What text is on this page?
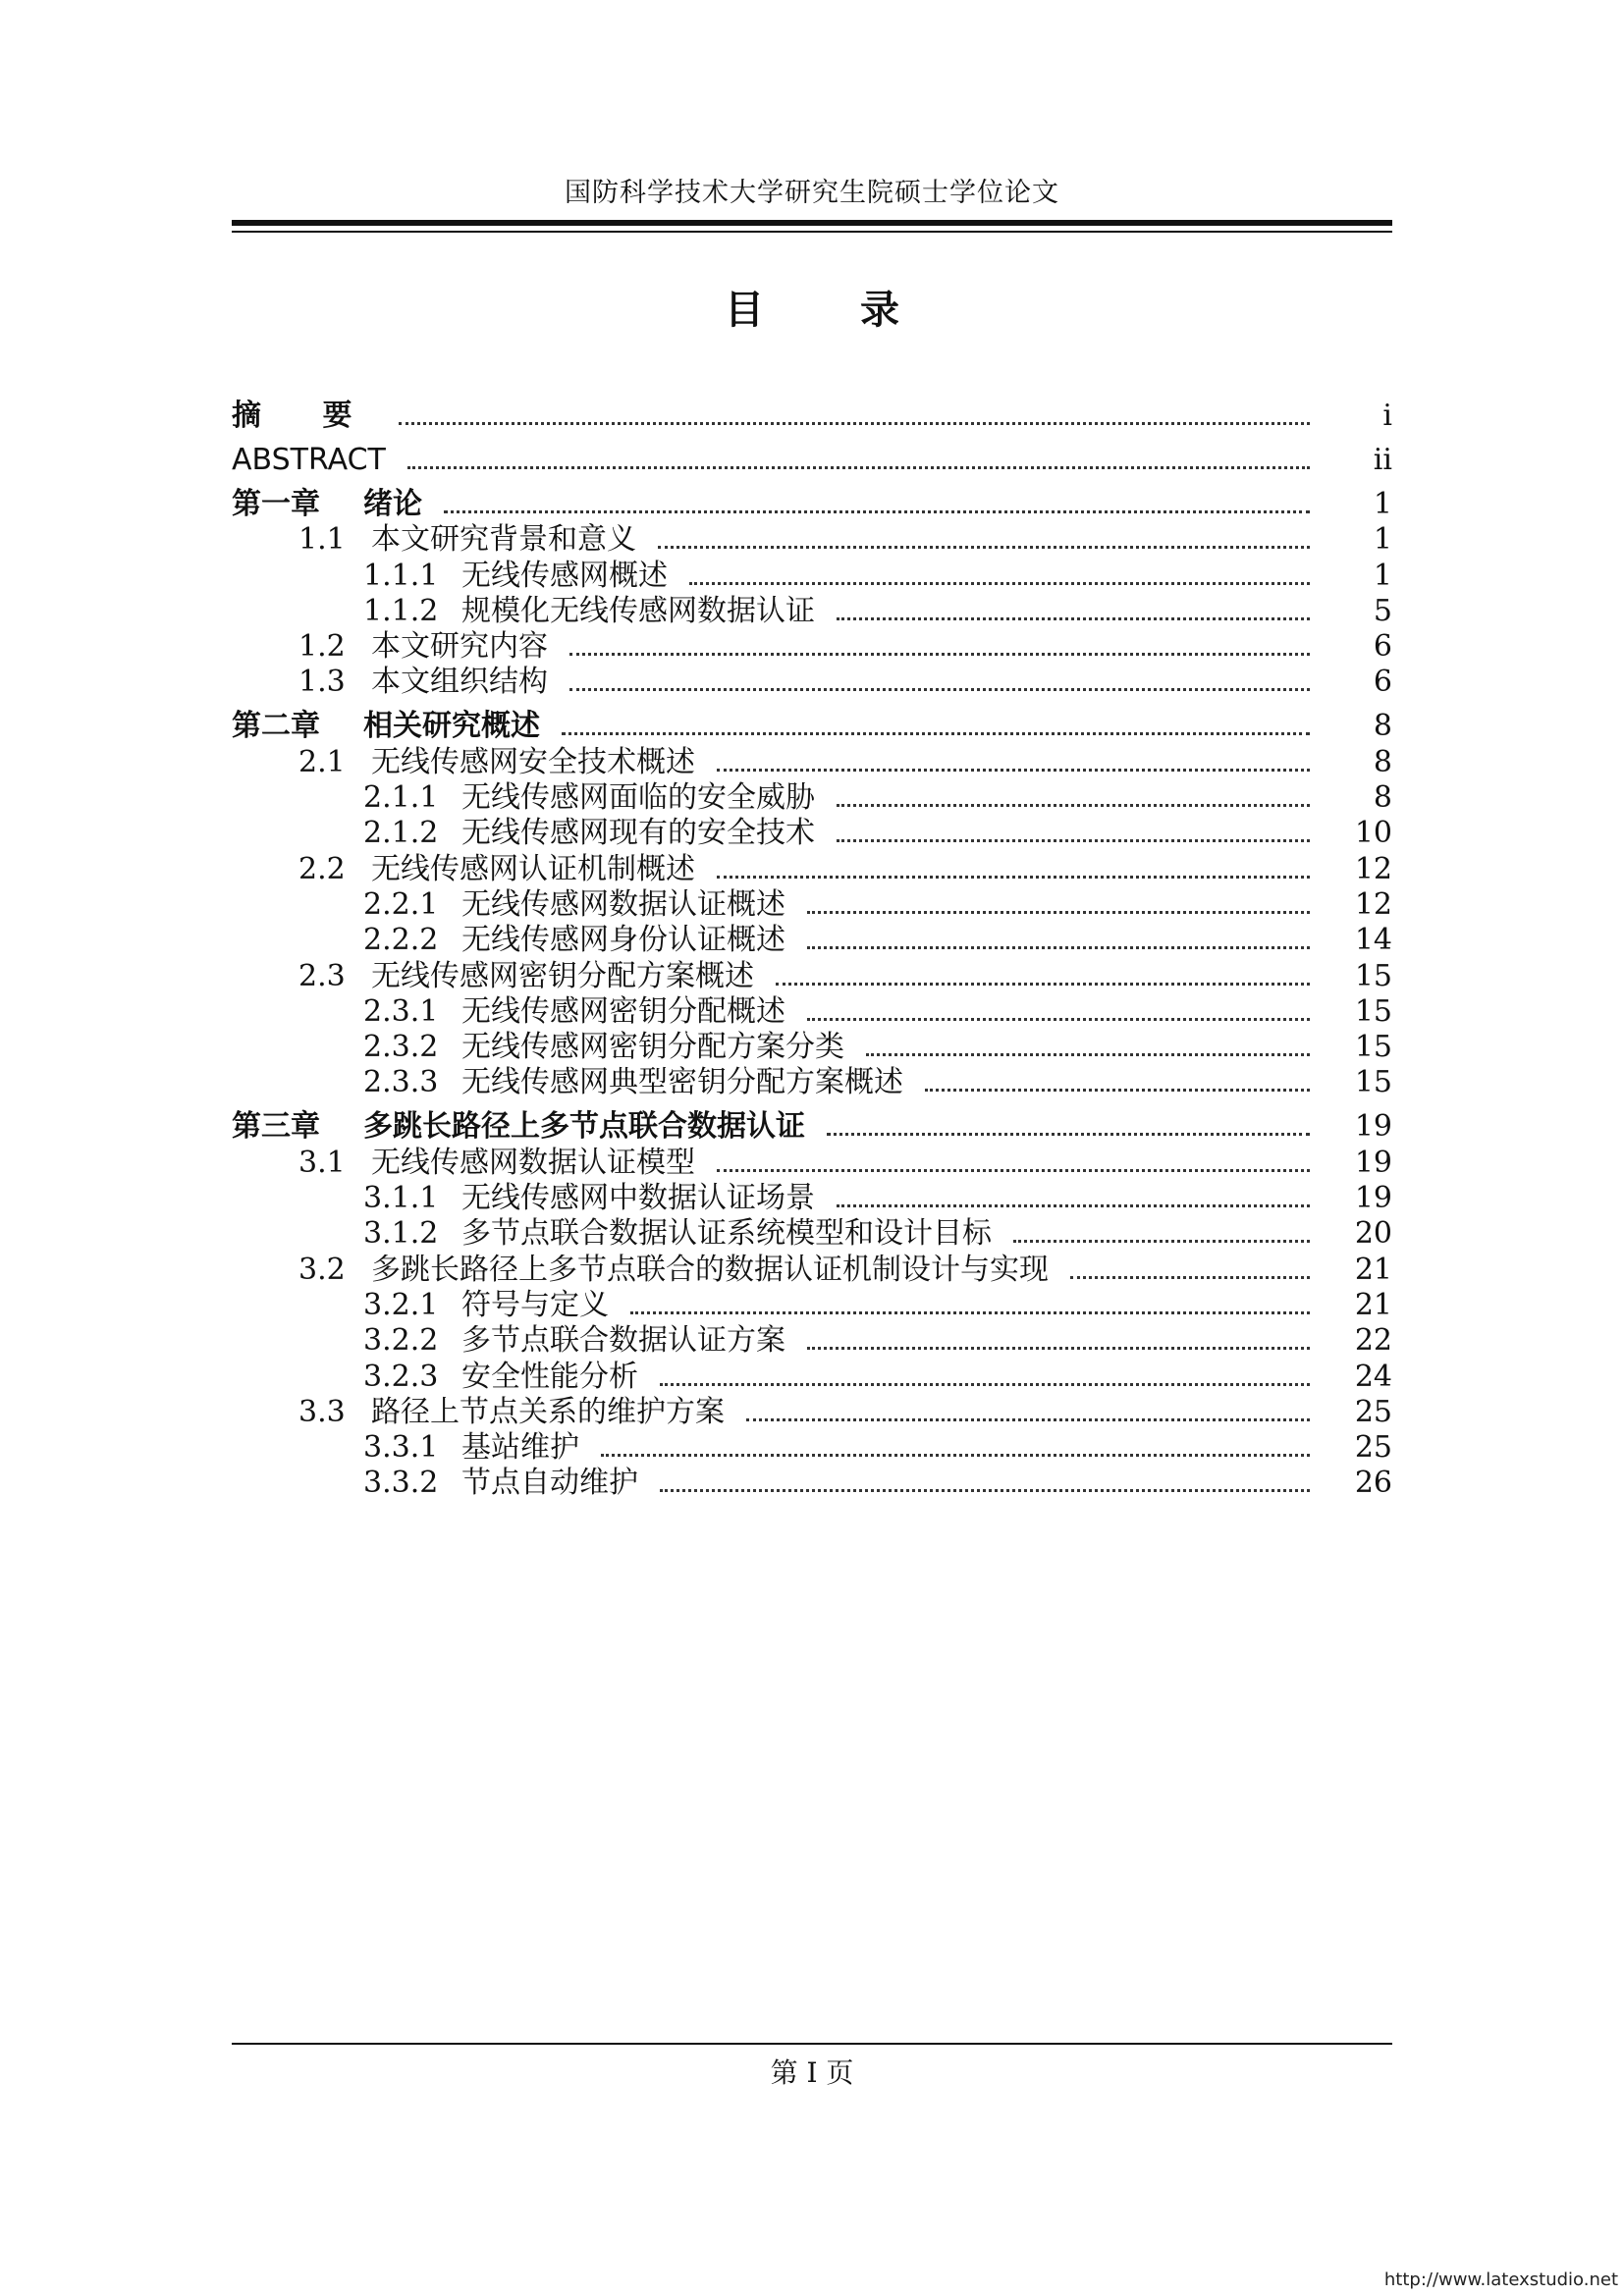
国防科学技术大学研究生院硕士学位论文
目 录
摘 要	i
ABSTRACT	ii
第一章	绪论	1
1.1 本文研究背景和意义	1
1.1.1 无线传感网概述	1
1.1.2 规模化无线传感网数据认证	5
1.2 本文研究内容	6
1.3 本文组织结构	6
第二章	相关研究概述	8
2.1 无线传感网安全技术概述	8
2.1.1 无线传感网面临的安全威胁	8
2.1.2 无线传感网现有的安全技术	10
2.2 无线传感网认证机制概述	12
2.2.1 无线传感网数据认证概述	12
2.2.2 无线传感网身份认证概述	14
2.3 无线传感网密钥分配方案概述	15
2.3.1 无线传感网密钥分配概述	15
2.3.2 无线传感网密钥分配方案分类	15
2.3.3 无线传感网典型密钥分配方案概述	15
第三章	多跳长路径上多节点联合数据认证	19
3.1 无线传感网数据认证模型	19
3.1.1 无线传感网中数据认证场景	19
3.1.2 多节点联合数据认证系统模型和设计目标	20
3.2 多跳长路径上多节点联合的数据认证机制设计与实现	21
3.2.1 符号与定义	21
3.2.2 多节点联合数据认证方案	22
3.2.3 安全性能分析	24
3.3 路径上节点关系的维护方案	25
3.3.1 基站维护	25
3.3.2 节点自动维护	26
第 I 页
http://www.latexstudio.net
